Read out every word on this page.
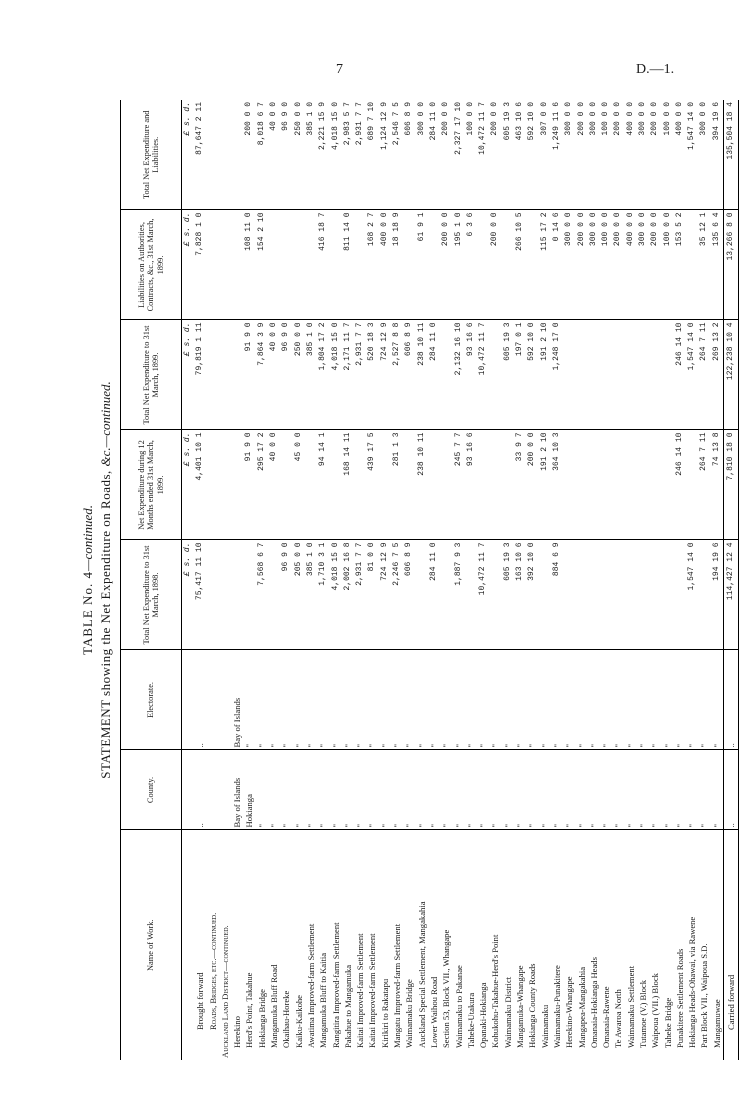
7	D.—1.
TABLE No. 4—continued. STATEMENT showing the Net Expenditure on Roads, &c.—continued.
Name of Work.	County.	Electorate.	Total Net Expenditure to 31st March, 1898.	Net Expenditure during 12 Months ended 31st March, 1899.	Total Net Expenditure to 31st March, 1899.	Liabilities on Authorities, Contracts, &c., 31st March, 1899.	Total Net Expenditure and Liabilities.
			£ s. d.	£ s. d.	£ s. d.	£ s. d.	£ s. d.
Brought forward	..	..	75,417 11 10	4,401 10 1	79,819 1 11	7,828 1 0	87,647 2 11
Roads, Bridges, etc.—continued.							
Auckland Land District—continued.							
Herekino	Bay of Islands	Bay of Islands					
Herd's Point, Takahue	Hokianga	"		91 9 0	91 9 0	108 11 0	200 0 0
Hokianga Bridge	"	"	7,568 6 7	295 17 2	7,864 3 9	154 2 10	8,018 6 7
Mangamuka Bluff Road	"	"		40 0 0	40 0 0		40 0 0
Okaihau-Horeke	"	"	96 9 0		96 9 0		96 9 0
Kaiku-Kaikohe	"	"	205 0 0	45 0 0	250 0 0		250 0 0
Awatima Improved-farm Settlement	"	"	385 1 0		385 1 0		385 1 0
Mangamuka Bluff to Kaitia	"	"	1,710 3 1	94 14 1	1,804 17 2	416 18 7	2,221 15 9
Rangitira Improved-farm Settlement	"	"	4,018 15 0		4,018 15 0		4,018 15 0
Pakahue to Mangamuka	"	"	2,002 16 8	168 14 11	2,171 11 7	811 14 0	2,983 5 7
Kaitai Improved-farm Settlement	"	"	2,931 7 7		2,931 7 7		2,931 7 7
Kaitai Improved-farm Settlement	"	"	81 0 0	439 17 5	520 18 3	168 2 7	689 7 10
Kirikiri to Rakatapu	"	"	724 12 9		724 12 9	400 0 0	1,124 12 9
Mangatu Improved-farm Settlement	"	"	2,246 7 5	281 1 3	2,527 8 8	18 18 9	2,546 7 5
Waimamaku Bridge	"	"	606 8 9		606 8 9		606 8 9
Auckland Special Settlement, Mangakahia	"	"		238 10 11	238 10 11	61 9 1	300 0 0
Lower Waihou Road	"	"	284 11 0		284 11 0		284 11 0
Section 53, Block VII., Whangape	"	"				200 0 0	200 0 0
Waimamaku to Pakanae	"	"	1,887 9 3	245 7 7	2,132 16 10	195 1 0	2,327 17 10
Taheke-Utakura	"	"		93 16 6	93 16 6	6 3 6	100 0 0
Opanaki-Hokianga	"	"	10,472 11 7		10,472 11 7		10,472 11 7
Kohukohu-Takahue-Herd's Point	"	"				200 0 0	200 0 0
Waimamaku District	"	"	605 19 3		605 19 3		605 19 3
Mangamuka-Whangape	"	"	163 10 6	33 9 7	197 0 1	266 10 5	463 10 6
Hokianga County Roads	"	"	392 10 0	200 0 0	592 10 0		592 10 0
Waimamaku	"	"		191 2 10	191 2 10	115 17 2	307 0 0
Waimamaku-Punakitere	"	"	884 6 9	364 10 3	1,248 17 0	0 14 6	1,249 11 6
Herekino-Whangape	"	"				300 0 0	300 0 0
Mangapea-Mangakahia	"	"				200 0 0	200 0 0
Omanaia-Hokianga Heads	"	"				300 0 0	300 0 0
Omanaia-Rawene	"	"				100 0 0	100 0 0
Te Awaroa North	"	"				200 0 0	200 0 0
Waimamaku Settlement	"	"				400 0 0	400 0 0
Tutamoe (V.) Block	"	"				300 0 0	300 0 0
Waipoua (VII.) Block	"	"				200 0 0	200 0 0
Taheke Bridge	"	"				100 0 0	100 0 0
Punakitere Settlement Roads	"	"		246 14 10	246 14 10	153 5 2	400 0 0
Hokianga Heads-Ohawai, via Rawene	"	"	1,547 14 0		1,547 14 0		1,547 14 0
Part Block VII., Waipoua S.D.	"	"		264 7 11	264 7 11	35 12 1	300 0 0
Mangamuwae	"	"	194 19 6	74 13 8	269 13 2	135 6 4	394 19 6
Carried forward	..	..	114,427 12 4	7,810 18 0	122,238 10 4	13,266 8 0	135,504 18 4
